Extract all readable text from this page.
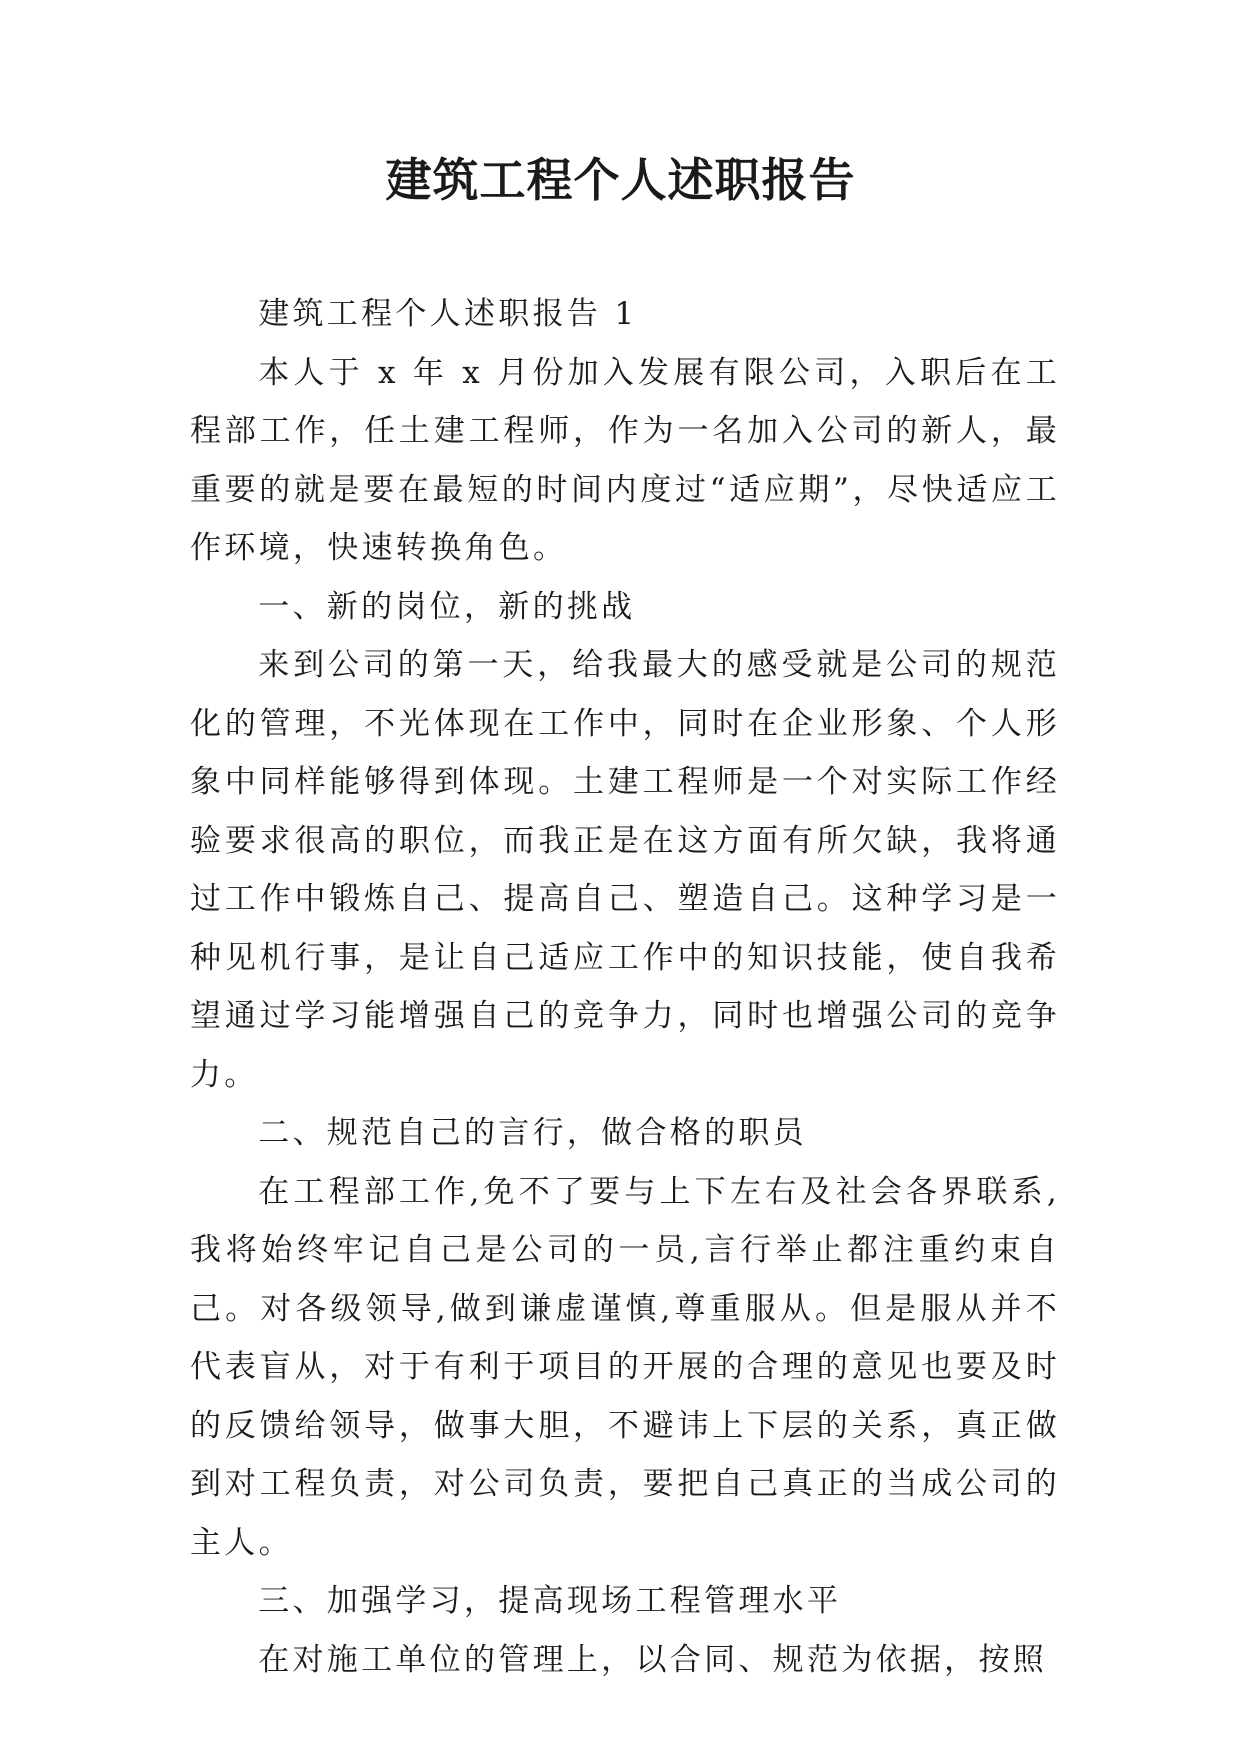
建筑工程个人述职报告

建筑工程个人述职报告 1

本人于 x 年 x 月份加入发展有限公司，入职后在工程部工作，任土建工程师，作为一名加入公司的新人，最重要的就是要在最短的时间内度过“适应期”，尽快适应工作环境，快速转换角色。

一、新的岗位，新的挑战

来到公司的第一天，给我最大的感受就是公司的规范化的管理，不光体现在工作中，同时在企业形象、个人形象中同样能够得到体现。土建工程师是一个对实际工作经验要求很高的职位，而我正是在这方面有所欠缺，我将通过工作中锻炼自己、提高自己、塑造自己。这种学习是一种见机行事，是让自己适应工作中的知识技能，使自我希望通过学习能增强自己的竞争力，同时也增强公司的竞争力。

二、规范自己的言行，做合格的职员

在工程部工作,免不了要与上下左右及社会各界联系,我将始终牢记自己是公司的一员,言行举止都注重约束自己。对各级领导,做到谦虚谨慎,尊重服从。但是服从并不代表盲从，对于有利于项目的开展的合理的意见也要及时的反馈给领导，做事大胆，不避讳上下层的关系，真正做到对工程负责，对公司负责，要把自己真正的当成公司的主人。

三、加强学习，提高现场工程管理水平

在对施工单位的管理上，以合同、规范为依据，按照
